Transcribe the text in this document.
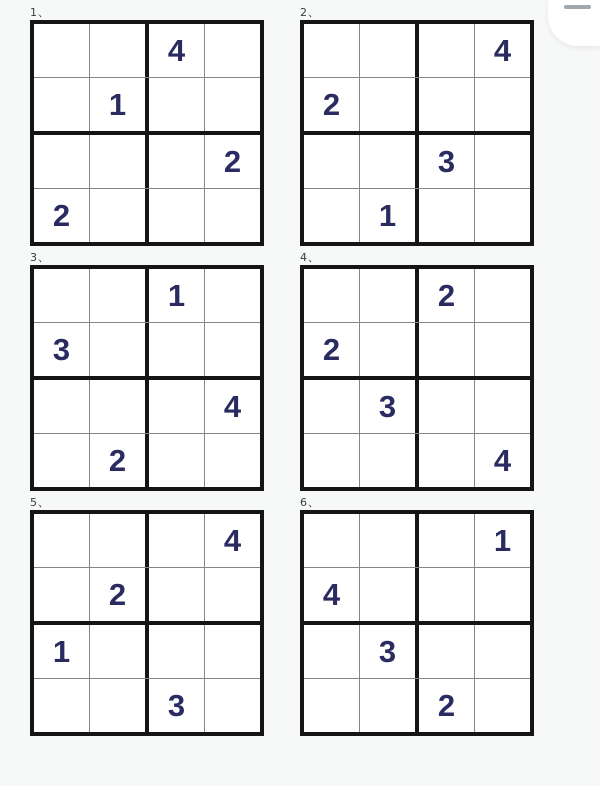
1、
4
1
2
2
2、
4
2
3
1
3、
1
3
4
2
4、
2
2
3
4
5、
4
2
1
3
6、
1
4
3
2
